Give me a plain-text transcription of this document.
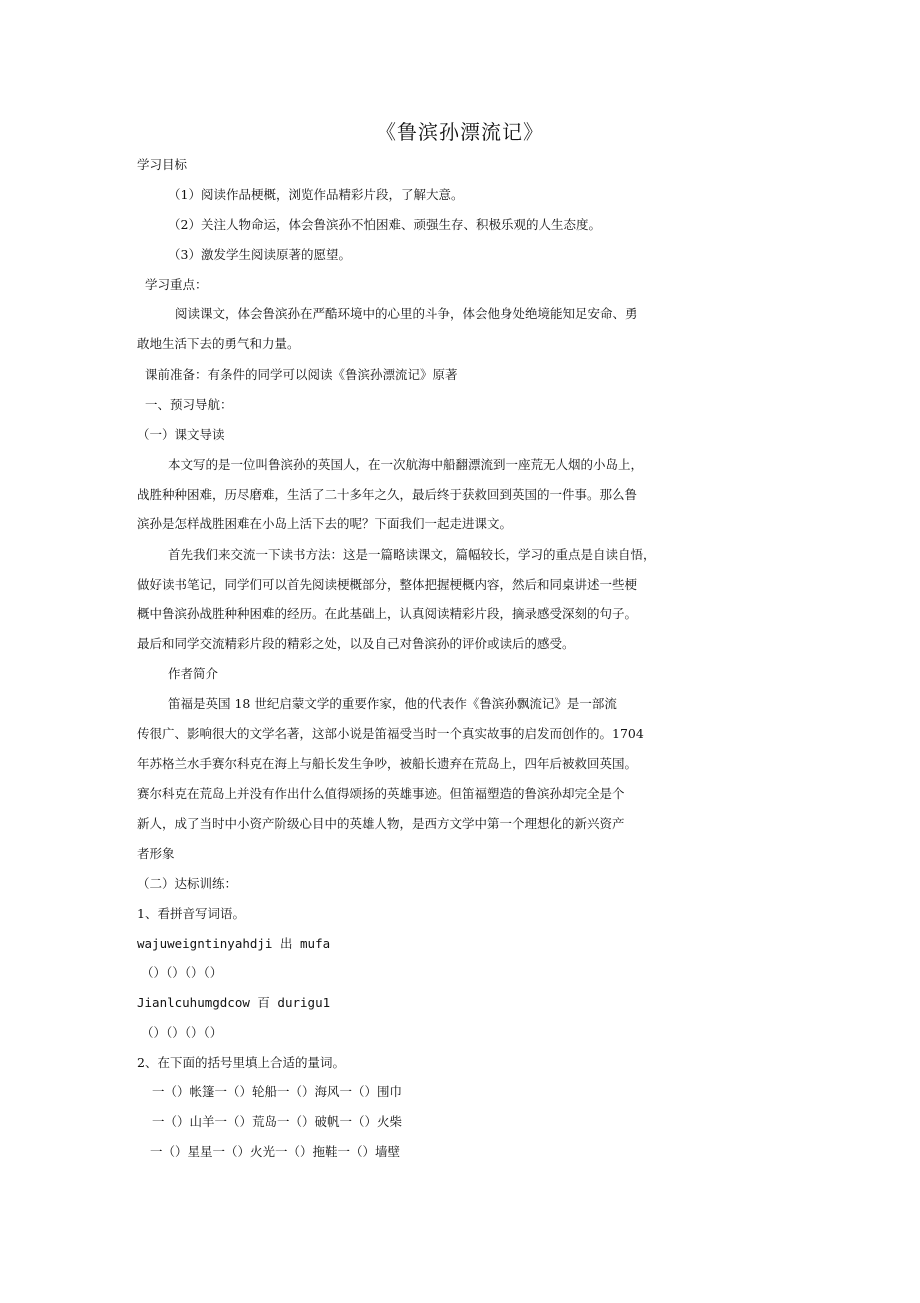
《鲁滨孙漂流记》
学习目标
（1）阅读作品梗概，浏览作品精彩片段，了解大意。
（2）关注人物命运，体会鲁滨孙不怕困难、顽强生存、积极乐观的人生态度。
（3）激发学生阅读原著的愿望。
学习重点：
阅读课文，体会鲁滨孙在严酷环境中的心里的斗争，体会他身处绝境能知足安命、勇
敢地生活下去的勇气和力量。
课前准备：有条件的同学可以阅读《鲁滨孙漂流记》原著
一、预习导航：
（一）课文导读
本文写的是一位叫鲁滨孙的英国人，在一次航海中船翻漂流到一座荒无人烟的小岛上，
战胜种种困难，历尽磨难，生活了二十多年之久，最后终于获救回到英国的一件事。那么鲁
滨孙是怎样战胜困难在小岛上活下去的呢？下面我们一起走进课文。
首先我们来交流一下读书方法：这是一篇略读课文，篇幅较长，学习的重点是自读自悟，
做好读书笔记，同学们可以首先阅读梗概部分，整体把握梗概内容，然后和同桌讲述一些梗
概中鲁滨孙战胜种种困难的经历。在此基础上，认真阅读精彩片段，摘录感受深刻的句子。
最后和同学交流精彩片段的精彩之处，以及自己对鲁滨孙的评价或读后的感受。
作者简介
笛福是英国 18 世纪启蒙文学的重要作家，他的代表作《鲁滨孙飘流记》是一部流
传很广、影响很大的文学名著，这部小说是笛福受当时一个真实故事的启发而创作的。1704
年苏格兰水手赛尔科克在海上与船长发生争吵，被船长遗弃在荒岛上，四年后被救回英国。
赛尔科克在荒岛上并没有作出什么值得颂扬的英雄事迹。但笛福塑造的鲁滨孙却完全是个
新人，成了当时中小资产阶级心目中的英雄人物，是西方文学中第一个理想化的新兴资产
者形象
（二）达标训练：
1、看拼音写词语。
wajuweigntinyahdji 出 mufa
（）（）（）（）
Jianlcuhumgdcow 百 durigu1
（）（）（）（）
2、在下面的括号里填上合适的量词。
一（）帐篷一（）轮船一（）海风一（）围巾
一（）山羊一（）荒岛一（）破帆一（）火柴
一（）星星一（）火光一（）拖鞋一（）墙壁
